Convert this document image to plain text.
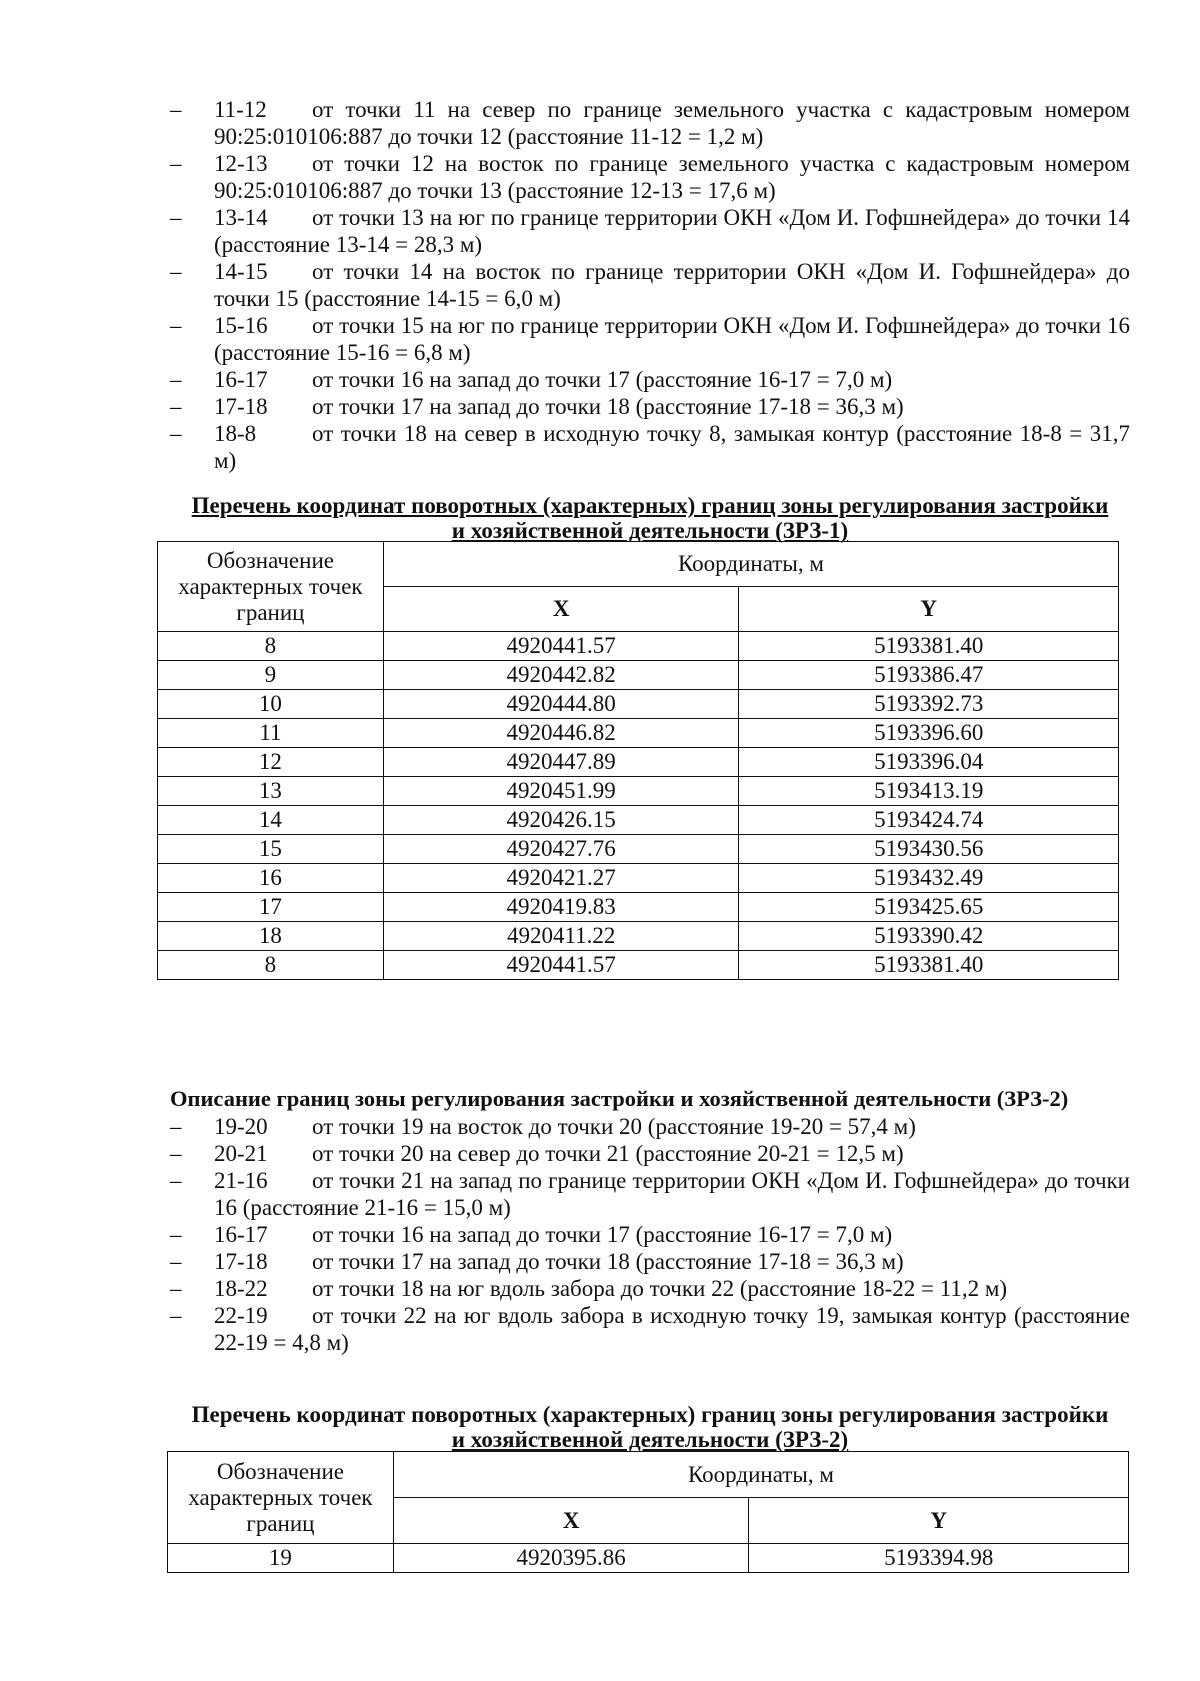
–	11-12 от точки 11 на север по границе земельного участка с кадастровым номером 90:25:010106:887 до точки 12 (расстояние 11-12 = 1,2 м)
–	12-13 от точки 12 на восток по границе земельного участка с кадастровым номером 90:25:010106:887 до точки 13 (расстояние 12-13 = 17,6 м)
–	13-14 от точки 13 на юг по границе территории ОКН «Дом И. Гофшнейдера» до точки 14 (расстояние 13-14 = 28,3 м)
–	14-15 от точки 14 на восток по границе территории ОКН «Дом И. Гофшнейдера» до точки 15 (расстояние 14-15 = 6,0 м)
–	15-16 от точки 15 на юг по границе территории ОКН «Дом И. Гофшнейдера» до точки 16 (расстояние 15-16 = 6,8 м)
–	16-17 от точки 16 на запад до точки 17 (расстояние 16-17 = 7,0 м)
–	17-18 от точки 17 на запад до точки 18 (расстояние 17-18 = 36,3 м)
–	18-8 от точки 18 на север в исходную точку 8, замыкая контур (расстояние 18-8 = 31,7 м)
Перечень координат поворотных (характерных) границ зоны регулирования застройки
и хозяйственной деятельности (ЗРЗ-1)
Обозначение характерных точек границ	Координаты, м	
	X	Y
8	4920441.57	5193381.40
9	4920442.82	5193386.47
10	4920444.80	5193392.73
11	4920446.82	5193396.60
12	4920447.89	5193396.04
13	4920451.99	5193413.19
14	4920426.15	5193424.74
15	4920427.76	5193430.56
16	4920421.27	5193432.49
17	4920419.83	5193425.65
18	4920411.22	5193390.42
8	4920441.57	5193381.40
Описание границ зоны регулирования застройки и хозяйственной деятельности (ЗРЗ-2)
–	19-20 от точки 19 на восток до точки 20 (расстояние 19-20 = 57,4 м)
–	20-21 от точки 20 на север до точки 21 (расстояние 20-21 = 12,5 м)
–	21-16 от точки 21 на запад по границе территории ОКН «Дом И. Гофшнейдера» до точки 16 (расстояние 21-16 = 15,0 м)
–	16-17 от точки 16 на запад до точки 17 (расстояние 16-17 = 7,0 м)
–	17-18 от точки 17 на запад до точки 18 (расстояние 17-18 = 36,3 м)
–	18-22 от точки 18 на юг вдоль забора до точки 22 (расстояние 18-22 = 11,2 м)
–	22-19 от точки 22 на юг вдоль забора в исходную точку 19, замыкая контур (расстояние 22-19 = 4,8 м)
Перечень координат поворотных (характерных) границ зоны регулирования застройки
и хозяйственной деятельности (ЗРЗ-2)
Обозначение характерных точек границ	Координаты, м	
	X	Y
19	4920395.86	5193394.98
